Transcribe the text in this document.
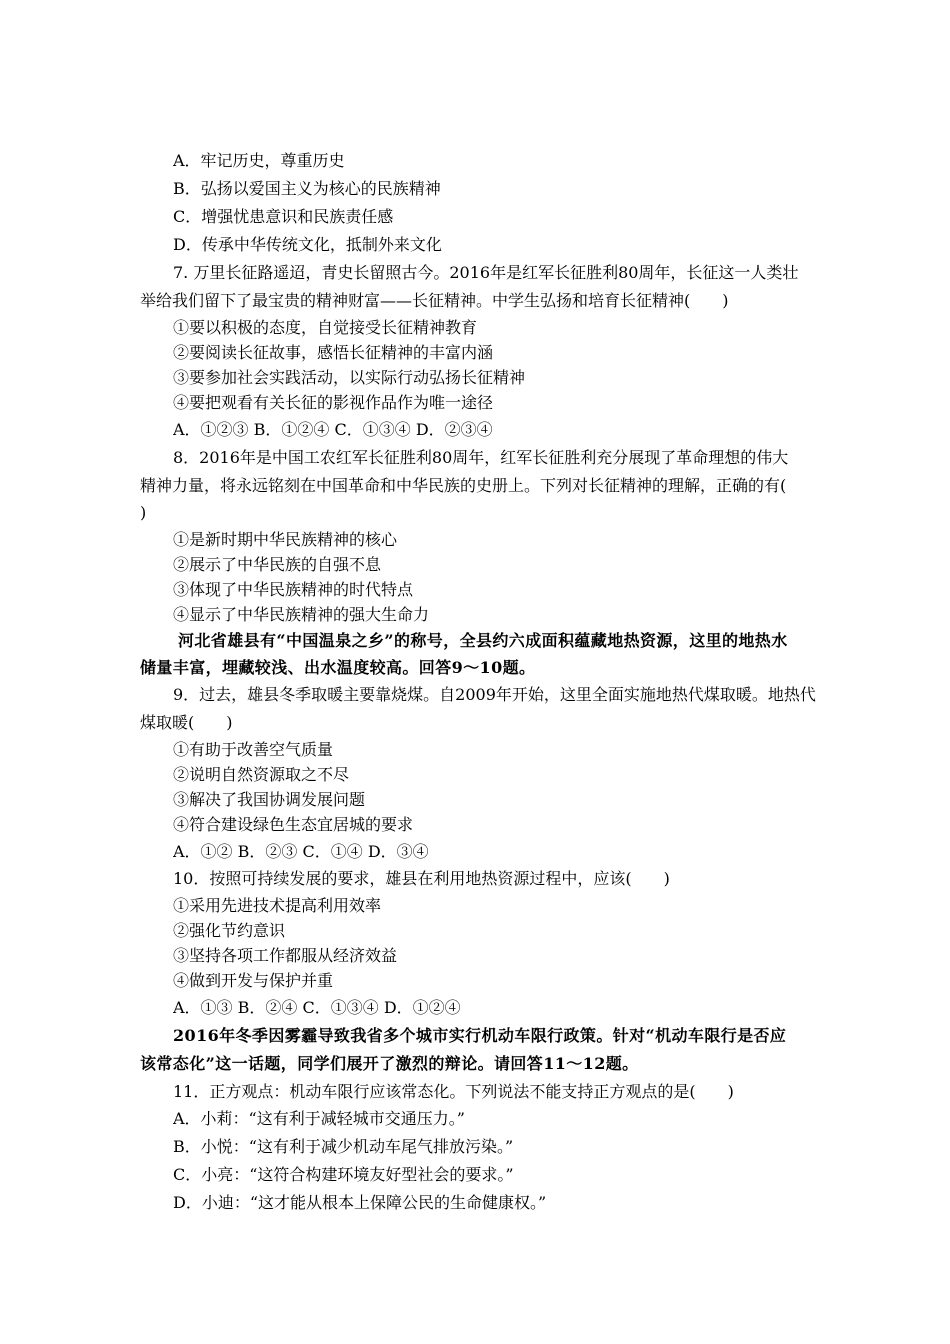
A．牢记历史，尊重历史
B．弘扬以爱国主义为核心的民族精神
C．增强忧患意识和民族责任感
D．传承中华传统文化，抵制外来文化
7. 万里长征路遥迢，青史长留照古今。2016年是红军长征胜利80周年，长征这一人类壮
举给我们留下了最宝贵的精神财富——长征精神。中学生弘扬和培育长征精神(　　)
①要以积极的态度，自觉接受长征精神教育
②要阅读长征故事，感悟长征精神的丰富内涵
③要参加社会实践活动，以实际行动弘扬长征精神
④要把观看有关长征的影视作品作为唯一途径
A．①②③ B．①②④ C．①③④ D．②③④
8．2016年是中国工农红军长征胜利80周年，红军长征胜利充分展现了革命理想的伟大
精神力量，将永远铭刻在中国革命和中华民族的史册上。下列对长征精神的理解，正确的有(
)
①是新时期中华民族精神的核心
②展示了中华民族的自强不息
③体现了中华民族精神的时代特点
④显示了中华民族精神的强大生命力
河北省雄县有“中国温泉之乡”的称号，全县约六成面积蕴藏地热资源，这里的地热水
储量丰富，埋藏较浅、出水温度较高。回答9～10题。
9．过去，雄县冬季取暖主要靠烧煤。自2009年开始，这里全面实施地热代煤取暖。地热代
煤取暖(　　)
①有助于改善空气质量
②说明自然资源取之不尽
③解决了我国协调发展问题
④符合建设绿色生态宜居城的要求
A．①② B．②③ C．①④ D．③④
10．按照可持续发展的要求，雄县在利用地热资源过程中，应该(　　)
①采用先进技术提高利用效率
②强化节约意识
③坚持各项工作都服从经济效益
④做到开发与保护并重
A．①③ B．②④ C．①③④ D．①②④
2016年冬季因雾霾导致我省多个城市实行机动车限行政策。针对“机动车限行是否应
该常态化”这一话题，同学们展开了激烈的辩论。请回答11～12题。
11．正方观点：机动车限行应该常态化。下列说法不能支持正方观点的是(　　)
A．小莉：“这有利于减轻城市交通压力。”
B．小悦：“这有利于减少机动车尾气排放污染。”
C．小亮：“这符合构建环境友好型社会的要求。”
D．小迪：“这才能从根本上保障公民的生命健康权。”
